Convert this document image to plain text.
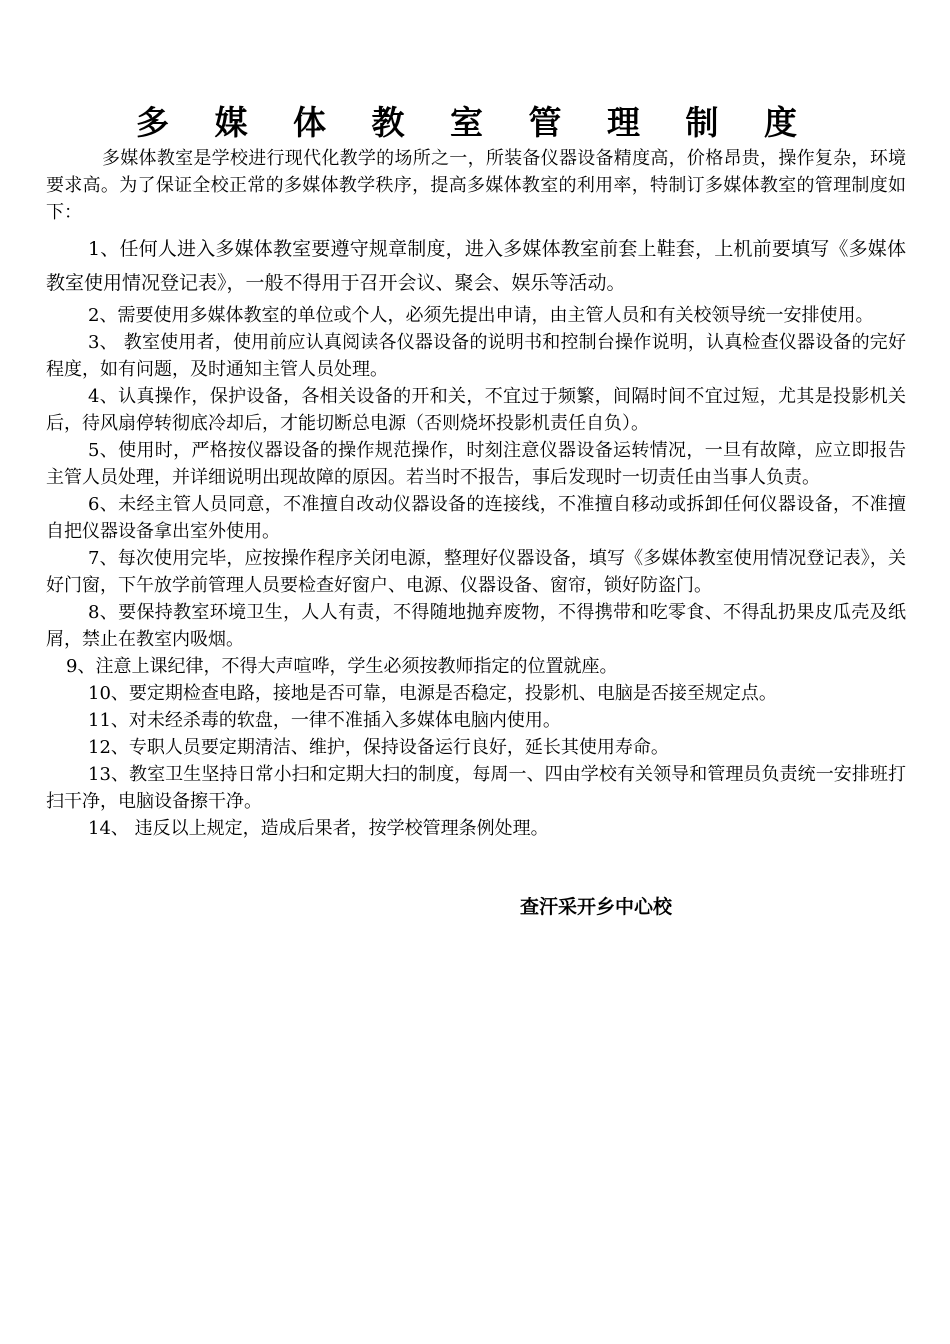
多 媒 体 教 室 管 理 制 度

多媒体教室是学校进行现代化教学的场所之一，所装备仪器设备精度高，价格昂贵，操作复杂，环境要求高。为了保证全校正常的多媒体教学秩序，提高多媒体教室的利用率，特制订多媒体教室的管理制度如下：

1、任何人进入多媒体教室要遵守规章制度，进入多媒体教室前套上鞋套，上机前要填写《多媒体教室使用情况登记表》，一般不得用于召开会议、聚会、娱乐等活动。

2、需要使用多媒体教室的单位或个人，必须先提出申请，由主管人员和有关校领导统一安排使用。

3、 教室使用者，使用前应认真阅读各仪器设备的说明书和控制台操作说明，认真检查仪器设备的完好程度，如有问题，及时通知主管人员处理。

4、认真操作，保护设备，各相关设备的开和关，不宜过于频繁，间隔时间不宜过短，尤其是投影机关后，待风扇停转彻底冷却后，才能切断总电源（否则烧坏投影机责任自负）。

5、使用时，严格按仪器设备的操作规范操作，时刻注意仪器设备运转情况，一旦有故障，应立即报告主管人员处理，并详细说明出现故障的原因。若当时不报告，事后发现时一切责任由当事人负责。

6、未经主管人员同意，不准擅自改动仪器设备的连接线，不准擅自移动或拆卸任何仪器设备，不准擅自把仪器设备拿出室外使用。

7、每次使用完毕，应按操作程序关闭电源，整理好仪器设备，填写《多媒体教室使用情况登记表》，关好门窗，下午放学前管理人员要检查好窗户、电源、仪器设备、窗帘，锁好防盗门。

8、要保持教室环境卫生，人人有责，不得随地抛弃废物，不得携带和吃零食、不得乱扔果皮瓜壳及纸屑，禁止在教室内吸烟。

9、注意上课纪律，不得大声喧哗，学生必须按教师指定的位置就座。

10、要定期检查电路，接地是否可靠，电源是否稳定，投影机、电脑是否接至规定点。

11、对未经杀毒的软盘，一律不准插入多媒体电脑内使用。

12、专职人员要定期清洁、维护，保持设备运行良好，延长其使用寿命。

13、教室卫生坚持日常小扫和定期大扫的制度，每周一、四由学校有关领导和管理员负责统一安排班打扫干净，电脑设备擦干净。

14、 违反以上规定，造成后果者，按学校管理条例处理。

查汗采开乡中心校
